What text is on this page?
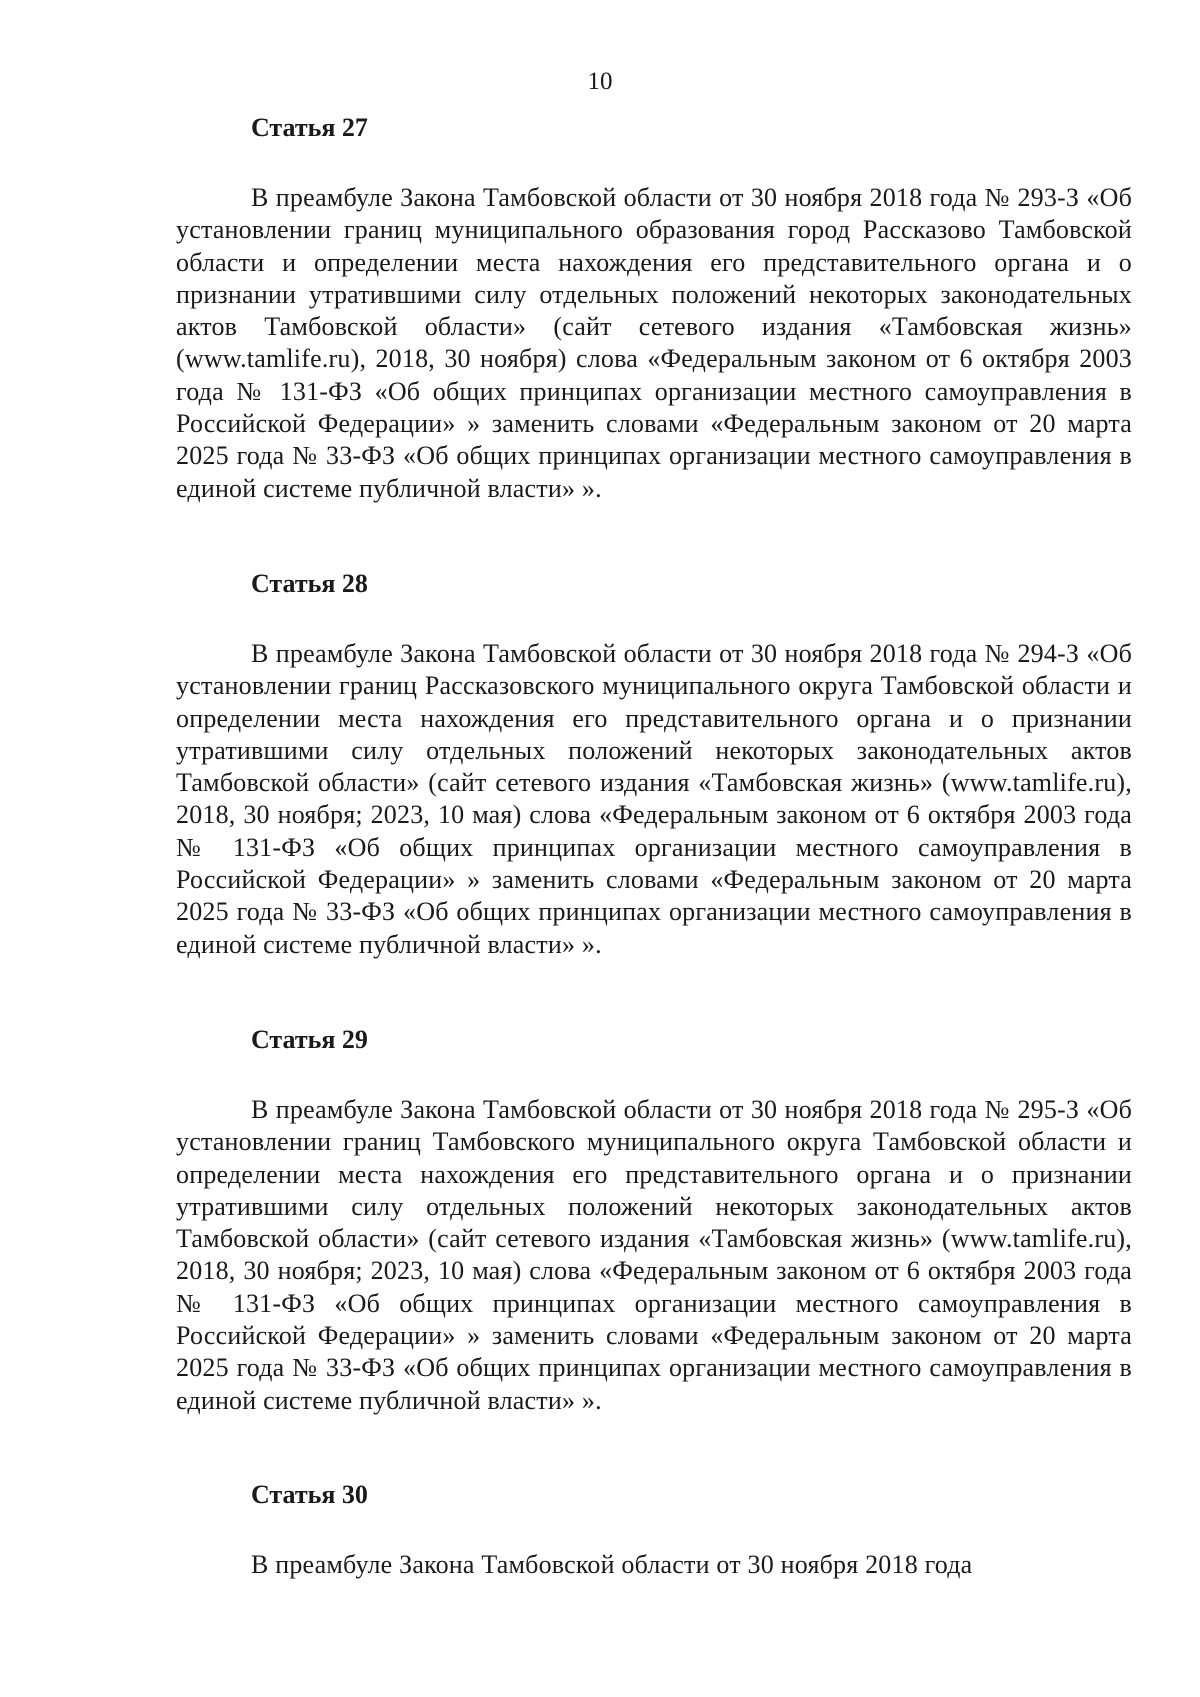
10
Статья 27

В преамбуле Закона Тамбовской области от 30 ноября 2018 года № 293-З «Об установлении границ муниципального образования город Рассказово Тамбовской области и определении места нахождения его представительного органа и о признании утратившими силу отдельных положений некоторых законодательных актов Тамбовской области» (сайт сетевого издания «Тамбовская жизнь» (www.tamlife.ru), 2018, 30 ноября) слова «Федеральным законом от 6 октября 2003 года № 131-ФЗ «Об общих принципах организации местного самоуправления в Российской Федерации» » заменить словами «Федеральным законом от 20 марта 2025 года № 33-ФЗ «Об общих принципах организации местного самоуправления в единой системе публичной власти» ».

Статья 28

В преамбуле Закона Тамбовской области от 30 ноября 2018 года № 294-З «Об установлении границ Рассказовского муниципального округа Тамбовской области и определении места нахождения его представительного органа и о признании утратившими силу отдельных положений некоторых законодательных актов Тамбовской области» (сайт сетевого издания «Тамбовская жизнь» (www.tamlife.ru), 2018, 30 ноября; 2023, 10 мая) слова «Федеральным законом от 6 октября 2003 года № 131-ФЗ «Об общих принципах организации местного самоуправления в Российской Федерации» » заменить словами «Федеральным законом от 20 марта 2025 года № 33-ФЗ «Об общих принципах организации местного самоуправления в единой системе публичной власти» ».

Статья 29

В преамбуле Закона Тамбовской области от 30 ноября 2018 года № 295-З «Об установлении границ Тамбовского муниципального округа Тамбовской области и определении места нахождения его представительного органа и о признании утратившими силу отдельных положений некоторых законодательных актов Тамбовской области» (сайт сетевого издания «Тамбовская жизнь» (www.tamlife.ru), 2018, 30 ноября; 2023, 10 мая) слова «Федеральным законом от 6 октября 2003 года № 131-ФЗ «Об общих принципах организации местного самоуправления в Российской Федерации» » заменить словами «Федеральным законом от 20 марта 2025 года № 33-ФЗ «Об общих принципах организации местного самоуправления в единой системе публичной власти» ».

Статья 30

В преамбуле Закона Тамбовской области от 30 ноября 2018 года
